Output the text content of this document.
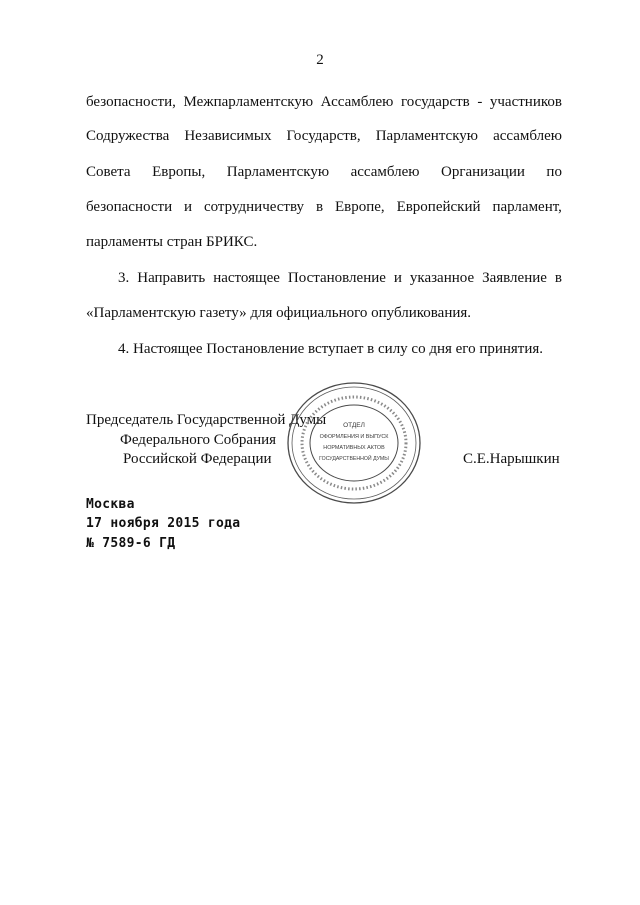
2
безопасности, Межпарламентскую Ассамблею государств - участников
Содружества Независимых Государств, Парламентскую ассамблею
Совета Европы, Парламентскую ассамблею Организации по
безопасности и сотрудничеству в Европе, Европейский парламент,
парламенты стран БРИКС.
3. Направить настоящее Постановление и указанное Заявление в
«Парламентскую газету» для официального опубликования.
4. Настоящее Постановление вступает в силу со дня его принятия.
Председатель Государственной Думы
Федерального Собрания
Российской Федерации	С.Е.Нарышкин
ОТДЕЛ
ОФОРМЛЕНИЯ И ВЫПУСК
НОРМАТИВНЫХ АКТОВ
ГОСУДАРСТВЕННОЙ ДУМЫ
Москва
17 ноября 2015 года
№ 7589-6 ГД
